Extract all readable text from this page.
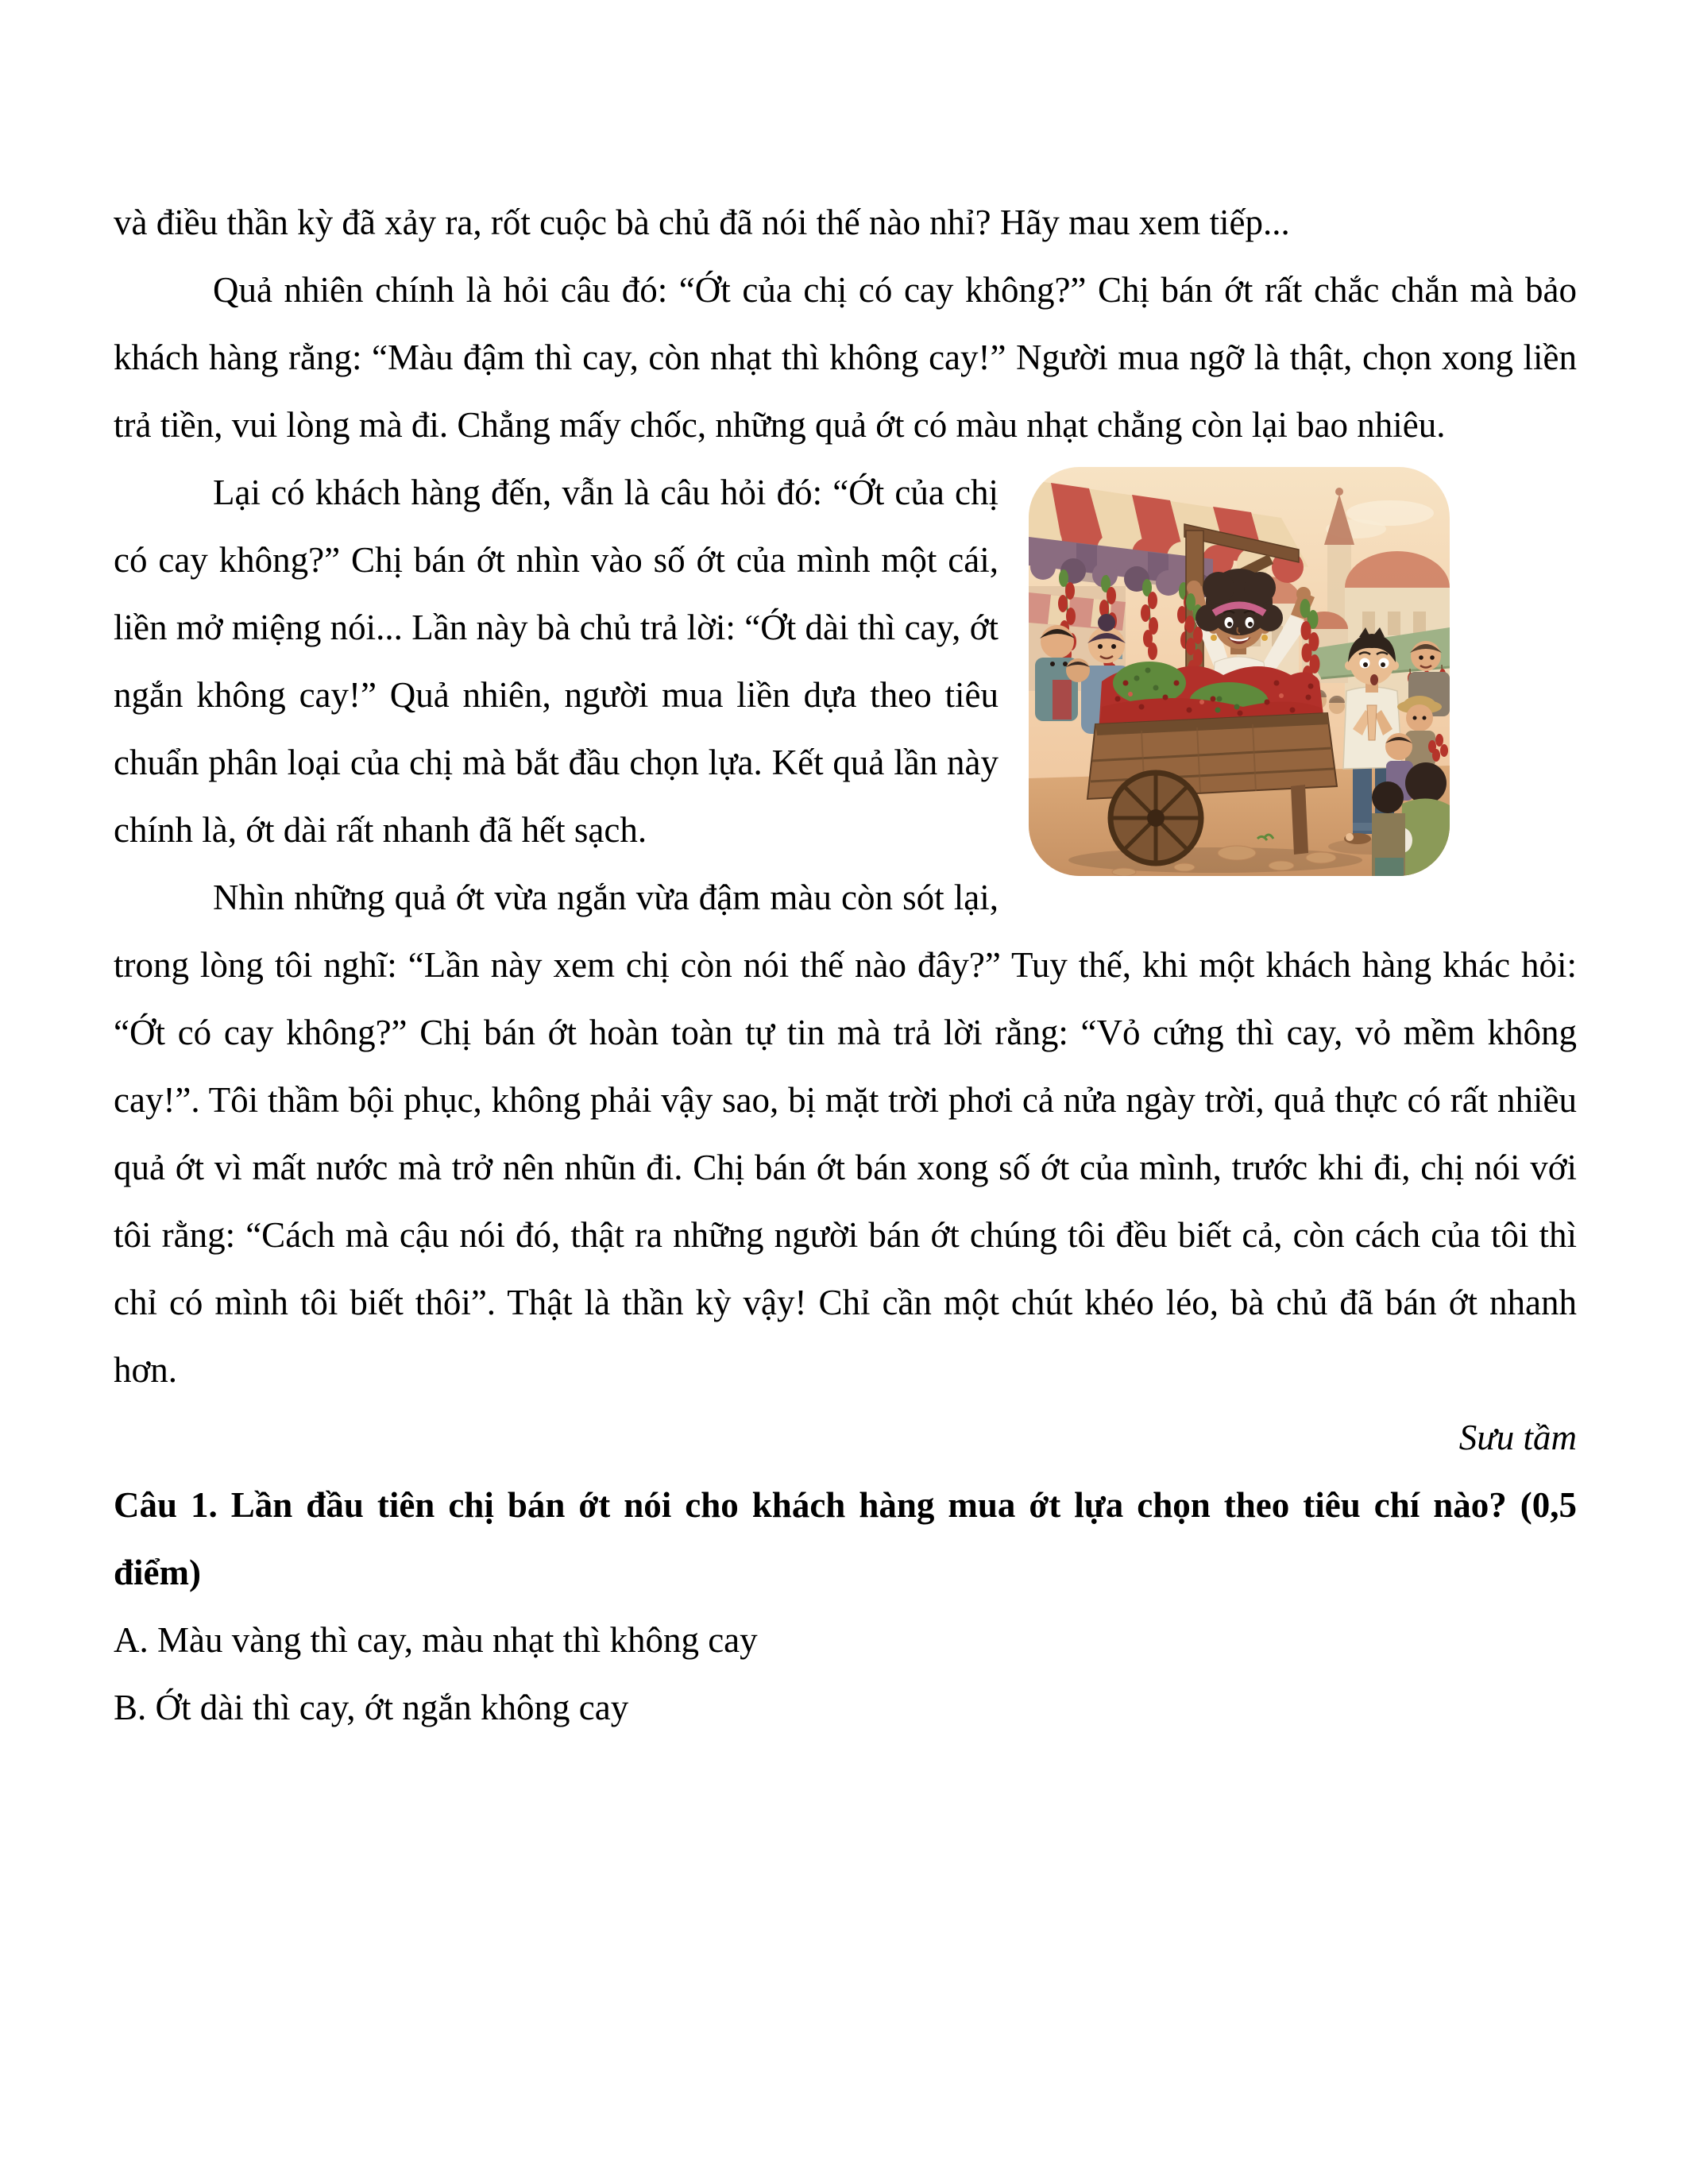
và điều thần kỳ đã xảy ra, rốt cuộc bà chủ đã nói thế nào nhỉ? Hãy mau xem tiếp...

Quả nhiên chính là hỏi câu đó: “Ớt của chị có cay không?” Chị bán ớt rất chắc chắn mà bảo khách hàng rằng: “Màu đậm thì cay, còn nhạt thì không cay!” Người mua ngỡ là thật, chọn xong liền trả tiền, vui lòng mà đi. Chẳng mấy chốc, những quả ớt có màu nhạt chẳng còn lại bao nhiêu.

Lại có khách hàng đến, vẫn là câu hỏi đó: “Ớt của chị có cay không?” Chị bán ớt nhìn vào số ớt của mình một cái, liền mở miệng nói... Lần này bà chủ trả lời: “Ớt dài thì cay, ớt ngắn không cay!” Quả nhiên, người mua liền dựa theo tiêu chuẩn phân loại của chị mà bắt đầu chọn lựa. Kết quả lần này chính là, ớt dài rất nhanh đã hết sạch.

Nhìn những quả ớt vừa ngắn vừa đậm màu còn sót lại, trong lòng tôi nghĩ: “Lần này xem chị còn nói thế nào đây?” Tuy thế, khi một khách hàng khác hỏi: “Ớt có cay không?” Chị bán ớt hoàn toàn tự tin mà trả lời rằng: “Vỏ cứng thì cay, vỏ mềm không cay!”. Tôi thầm bội phục, không phải vậy sao, bị mặt trời phơi cả nửa ngày trời, quả thực có rất nhiều quả ớt vì mất nước mà trở nên nhũn đi. Chị bán ớt bán xong số ớt của mình, trước khi đi, chị nói với tôi rằng: “Cách mà cậu nói đó, thật ra những người bán ớt chúng tôi đều biết cả, còn cách của tôi thì chỉ có mình tôi biết thôi”. Thật là thần kỳ vậy! Chỉ cần một chút khéo léo, bà chủ đã bán ớt nhanh hơn.

Sưu tầm

Câu 1. Lần đầu tiên chị bán ớt nói cho khách hàng mua ớt lựa chọn theo tiêu chí nào? (0,5 điểm)

A. Màu vàng thì cay, màu nhạt thì không cay

B. Ớt dài thì cay, ớt ngắn không cay
